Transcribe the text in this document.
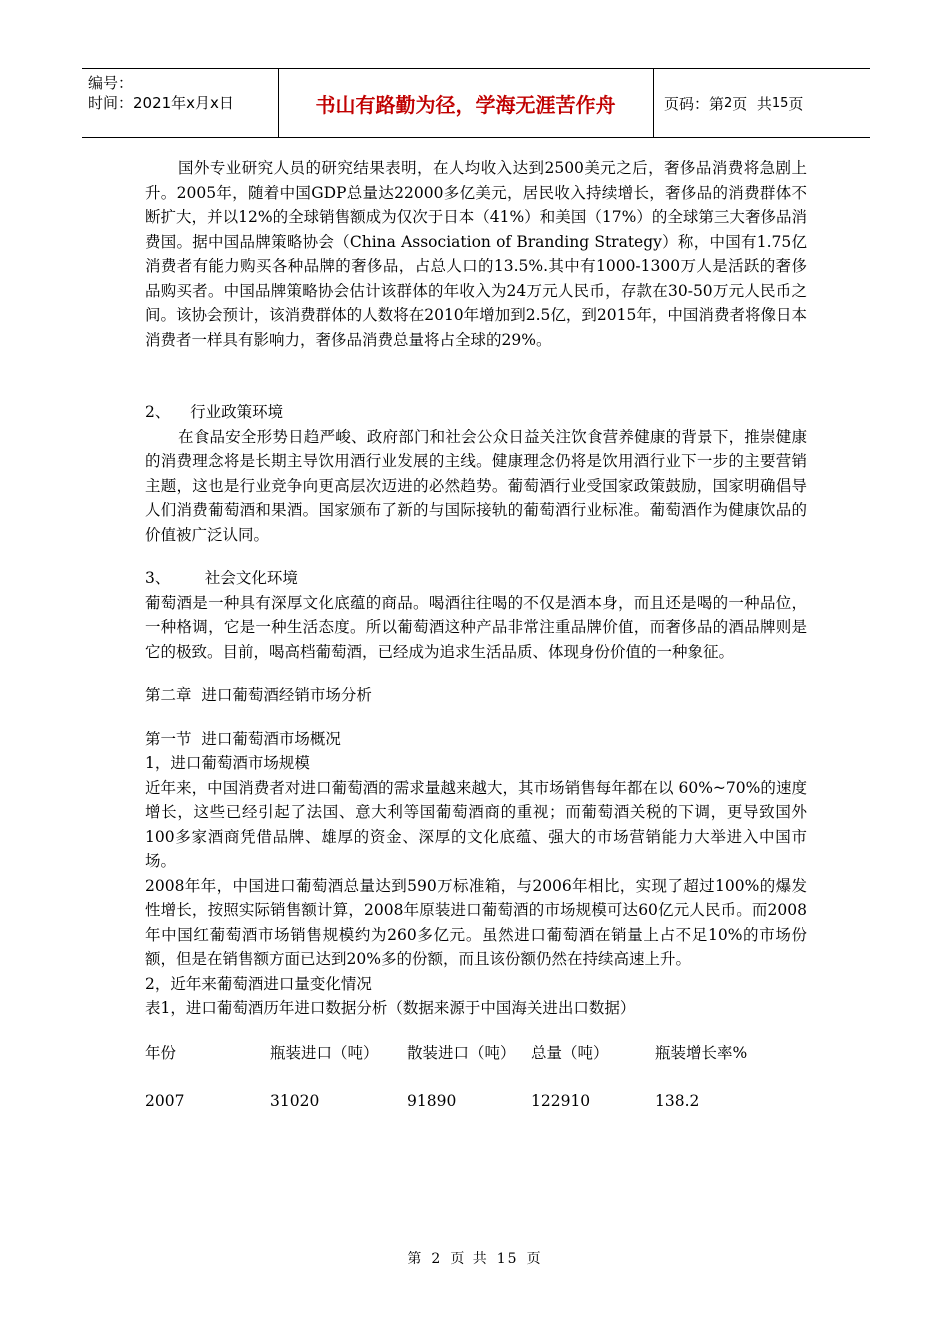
编号：
时间：2021年x月x日	书山有路勤为径，学海无涯苦作舟	页码：第 2 页  共 15 页

国外专业研究人员的研究结果表明，在人均收入达到2500美元之后，奢侈品消费将急剧上升。2005年，随着中国GDP总量达22000多亿美元，居民收入持续增长，奢侈品的消费群体不断扩大，并以12%的全球销售额成为仅次于日本（41%）和美国（17%）的全球第三大奢侈品消费国。据中国品牌策略协会（China Association of Branding Strategy）称，中国有1.75亿消费者有能力购买各种品牌的奢侈品，占总人口的13.5%.其中有1000-1300万人是活跃的奢侈品购买者。中国品牌策略协会估计该群体的年收入为24万元人民币，存款在30-50万元人民币之间。该协会预计，该消费群体的人数将在2010年增加到2.5亿，到2015年，中国消费者将像日本消费者一样具有影响力，奢侈品消费总量将占全球的29%。

2、    行业政策环境

在食品安全形势日趋严峻、政府部门和社会公众日益关注饮食营养健康的背景下，推崇健康的消费理念将是长期主导饮用酒行业发展的主线。健康理念仍将是饮用酒行业下一步的主要营销主题，这也是行业竞争向更高层次迈进的必然趋势。葡萄酒行业受国家政策鼓励，国家明确倡导人们消费葡萄酒和果酒。国家颁布了新的与国际接轨的葡萄酒行业标准。葡萄酒作为健康饮品的价值被广泛认同。

3、       社会文化环境

葡萄酒是一种具有深厚文化底蕴的商品。喝酒往往喝的不仅是酒本身，而且还是喝的一种品位，一种格调，它是一种生活态度。所以葡萄酒这种产品非常注重品牌价值，而奢侈品的酒品牌则是它的极致。目前，喝高档葡萄酒，已经成为追求生活品质、体现身份价值的一种象征。

第二章  进口葡萄酒经销市场分析

第一节  进口葡萄酒市场概况

1，进口葡萄酒市场规模

近年来，中国消费者对进口葡萄酒的需求量越来越大，其市场销售每年都在以 60%~70%的速度增长，这些已经引起了法国、意大利等国葡萄酒商的重视；而葡萄酒关税的下调，更导致国外100多家酒商凭借品牌、雄厚的资金、深厚的文化底蕴、强大的市场营销能力大举进入中国市场。

2008年年，中国进口葡萄酒总量达到590万标准箱，与2006年相比，实现了超过100%的爆发性增长，按照实际销售额计算，2008年原装进口葡萄酒的市场规模可达60亿元人民币。而2008年中国红葡萄酒市场销售规模约为260多亿元。虽然进口葡萄酒在销量上占不足10%的市场份额，但是在销售额方面已达到20%多的份额，而且该份额仍然在持续高速上升。

2，近年来葡萄酒进口量变化情况

表1，进口葡萄酒历年进口数据分析（数据来源于中国海关进出口数据）

年份	瓶装进口（吨）	散装进口（吨） 总量（吨）	瓶装增长率%
2007	31020	91890	122910	138.2
第 2 页 共 15 页
